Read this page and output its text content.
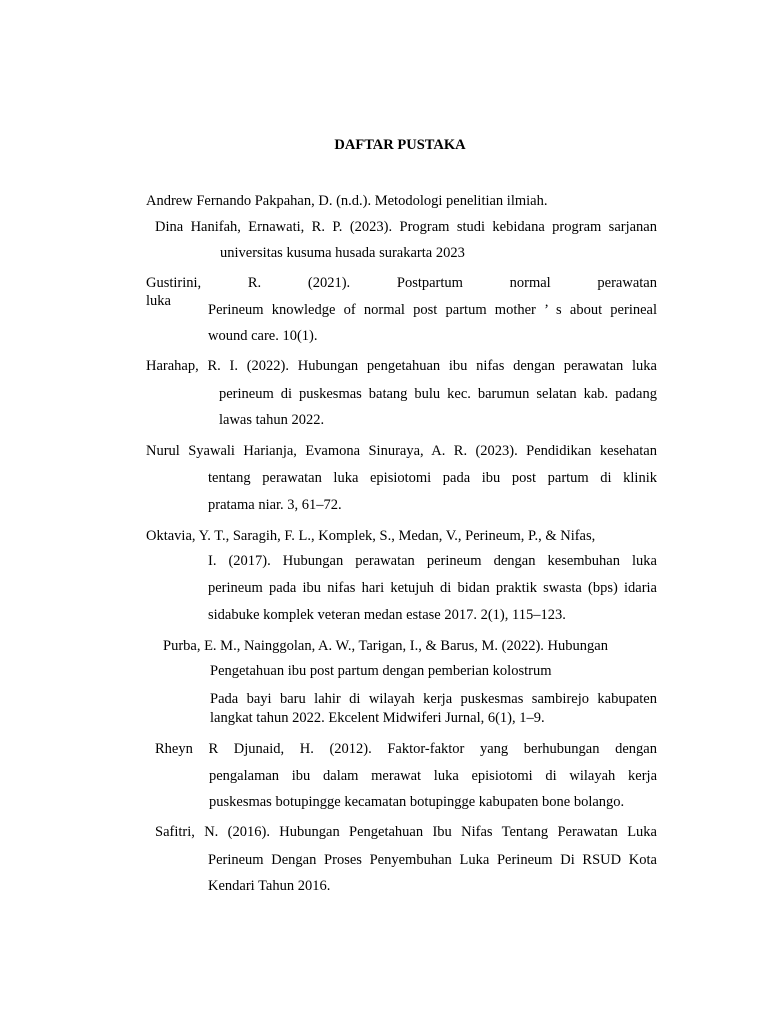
DAFTAR PUSTAKA
Andrew Fernando Pakpahan, D. (n.d.). Metodologi penelitian ilmiah.
Dina Hanifah, Ernawati, R. P. (2023). Program studi kebidana program sarjanan
universitas kusuma husada surakarta 2023
Gustirini, R. (2021). Postpartum normal perawatan luka
Perineum knowledge of normal post partum mother ’ s about perineal
wound care. 10(1).
Harahap, R. I. (2022). Hubungan pengetahuan ibu nifas dengan perawatan luka
perineum di puskesmas batang bulu kec. barumun selatan kab. padang
lawas tahun 2022.
Nurul Syawali Harianja, Evamona Sinuraya, A. R. (2023). Pendidikan kesehatan
tentang perawatan luka episiotomi pada ibu post partum di klinik
pratama niar. 3, 61–72.
Oktavia, Y. T., Saragih, F. L., Komplek, S., Medan, V., Perineum, P., & Nifas,
I. (2017). Hubungan perawatan perineum dengan kesembuhan luka
perineum pada ibu nifas hari ketujuh di bidan praktik swasta (bps) idaria
sidabuke komplek veteran medan estase 2017. 2(1), 115–123.
Purba, E. M., Nainggolan, A. W., Tarigan, I., & Barus, M. (2022). Hubungan
Pengetahuan ibu post partum dengan pemberian kolostrum
Pada bayi baru lahir di wilayah kerja puskesmas sambirejo kabupaten
langkat tahun 2022. Ekcelent Midwiferi Jurnal, 6(1), 1–9.
Rheyn R Djunaid, H. (2012). Faktor-faktor yang berhubungan dengan
pengalaman ibu dalam merawat luka episiotomi di wilayah kerja
puskesmas botupingge kecamatan botupingge kabupaten bone bolango.
Safitri, N. (2016). Hubungan Pengetahuan Ibu Nifas Tentang Perawatan Luka
Perineum Dengan Proses Penyembuhan Luka Perineum Di RSUD Kota
Kendari Tahun 2016.
